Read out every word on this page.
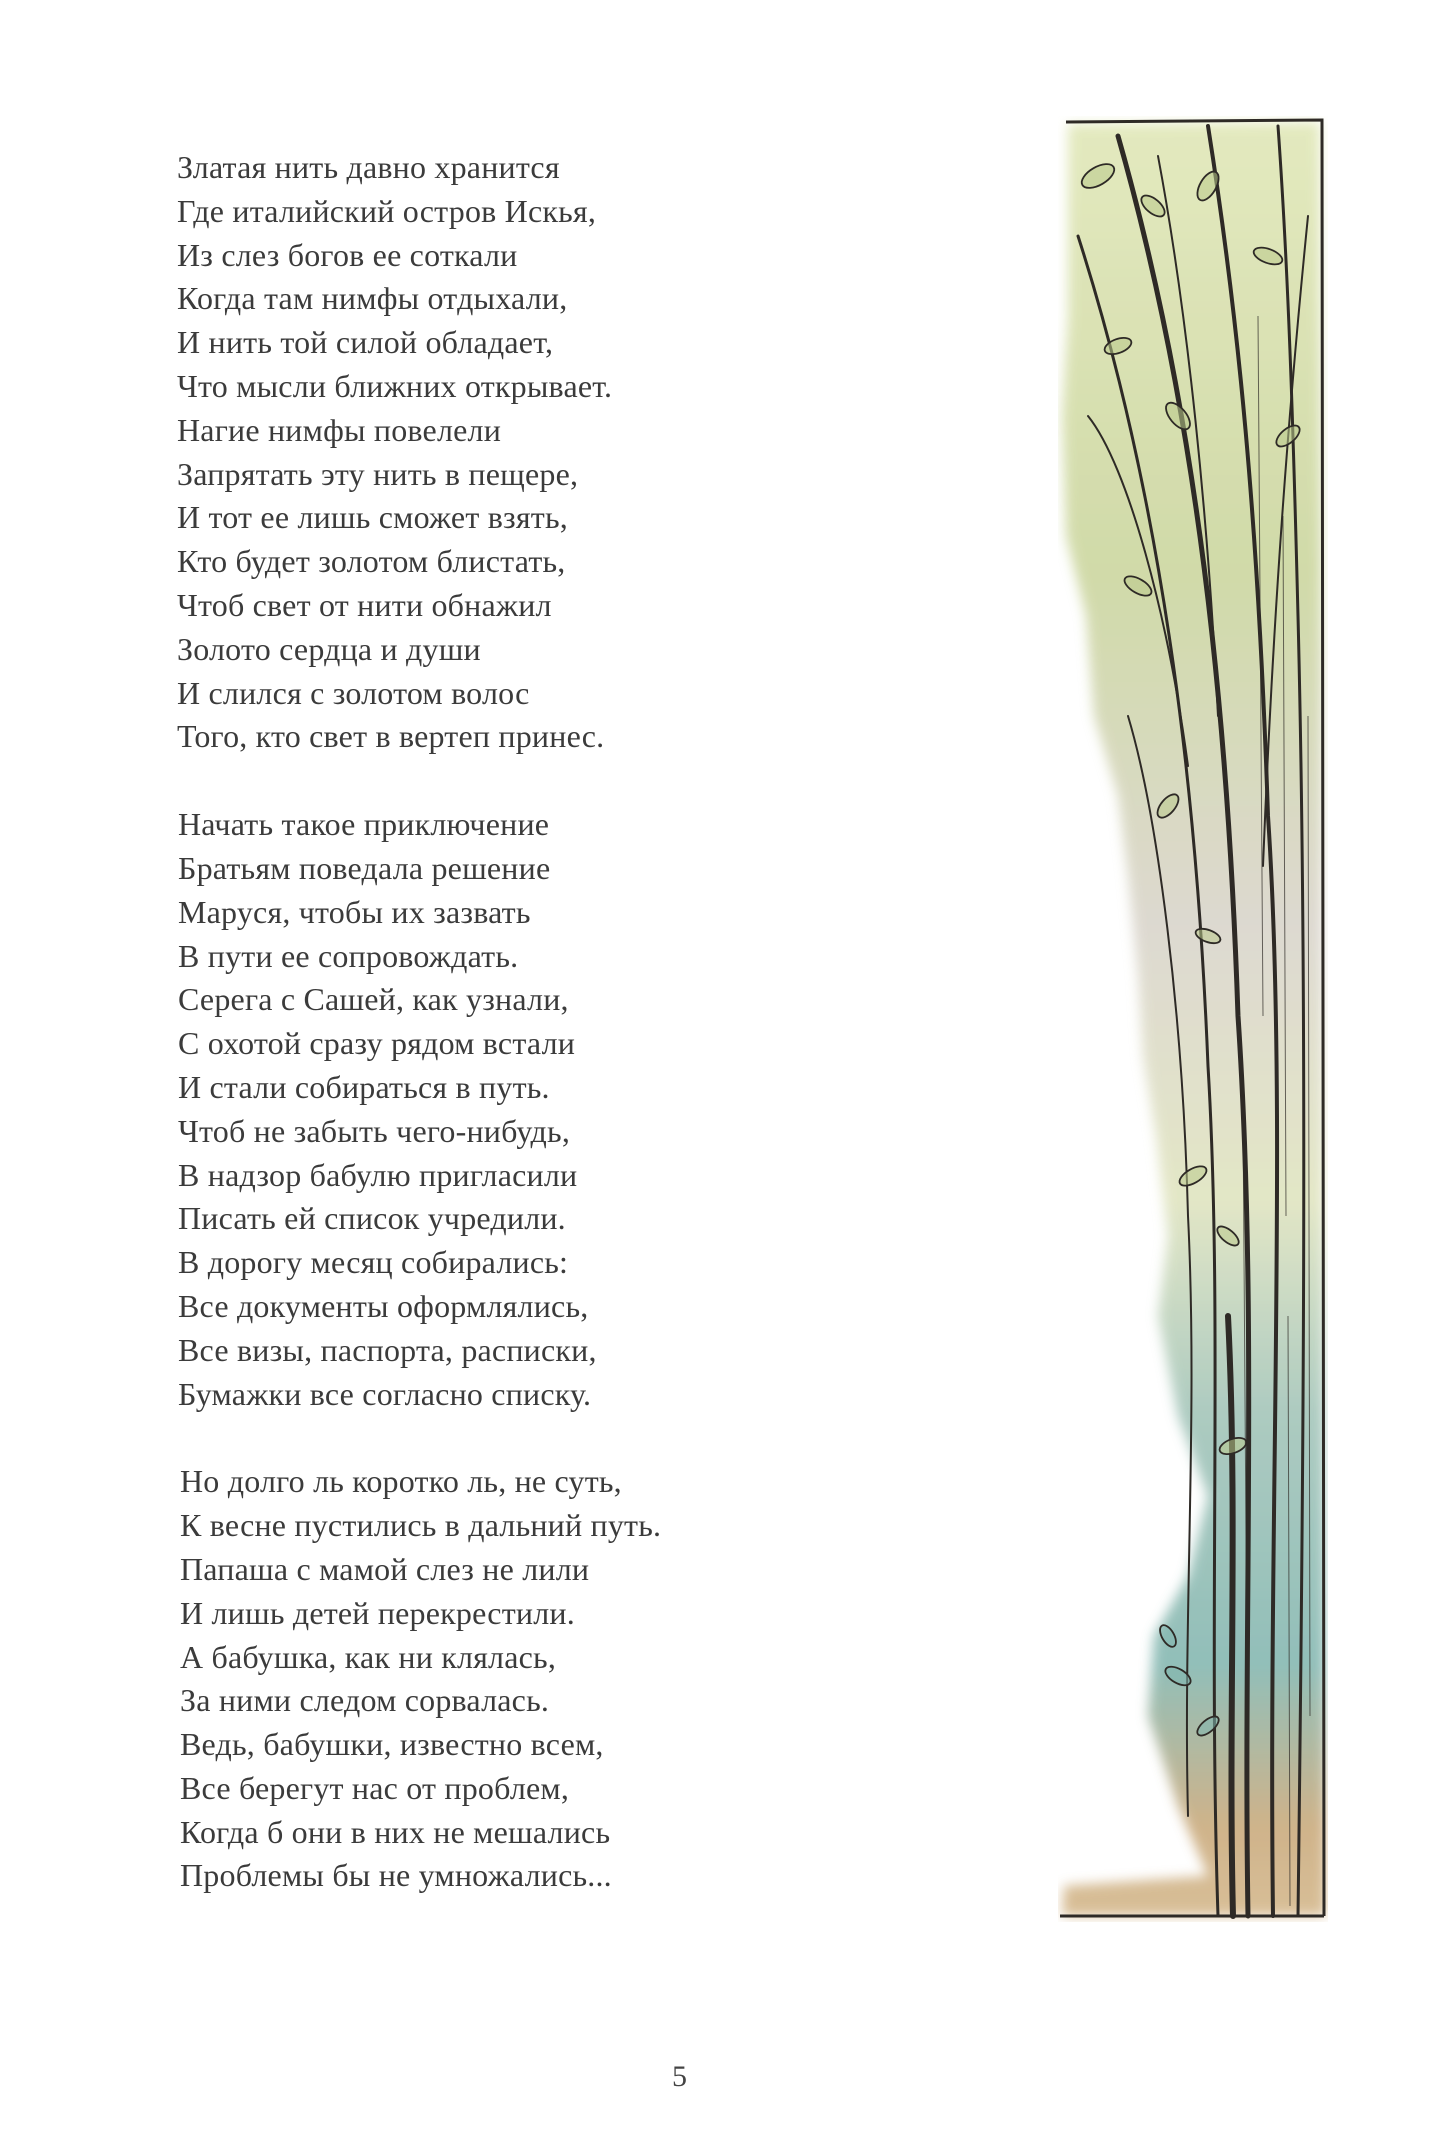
Златая нить давно хранится
Где италийский остров Искья,
Из слез богов ее соткали
Когда там нимфы отдыхали,
И нить той силой обладает,
Что мысли ближних открывает.
Нагие нимфы повелели
Запрятать эту нить в пещере,
И тот ее лишь сможет взять,
Кто будет золотом блистать,
Чтоб свет от нити обнажил
Золото сердца и души
И слился с золотом волос
Того, кто свет в вертеп принес.

Начать такое приключение
Братьям поведала решение
Маруся, чтобы их зазвать
В пути ее сопровождать.
Серега с Сашей, как узнали,
С охотой сразу рядом встали
И стали собираться в путь.
Чтоб не забыть чего-нибудь,
В надзор бабулю пригласили
Писать ей список учредили.
В дорогу месяц собирались:
Все документы оформлялись,
Все визы, паспорта, расписки,
Бумажки все согласно списку.

Но долго ль коротко ль, не суть,
К весне пустились в дальний путь.
Папаша с мамой слез не лили
И лишь детей перекрестили.
А бабушка, как ни клялась,
За ними следом сорвалась.
Ведь, бабушки, известно всем,
Все берегут нас от проблем,
Когда б они в них не мешались
Проблемы бы не умножались...

5
